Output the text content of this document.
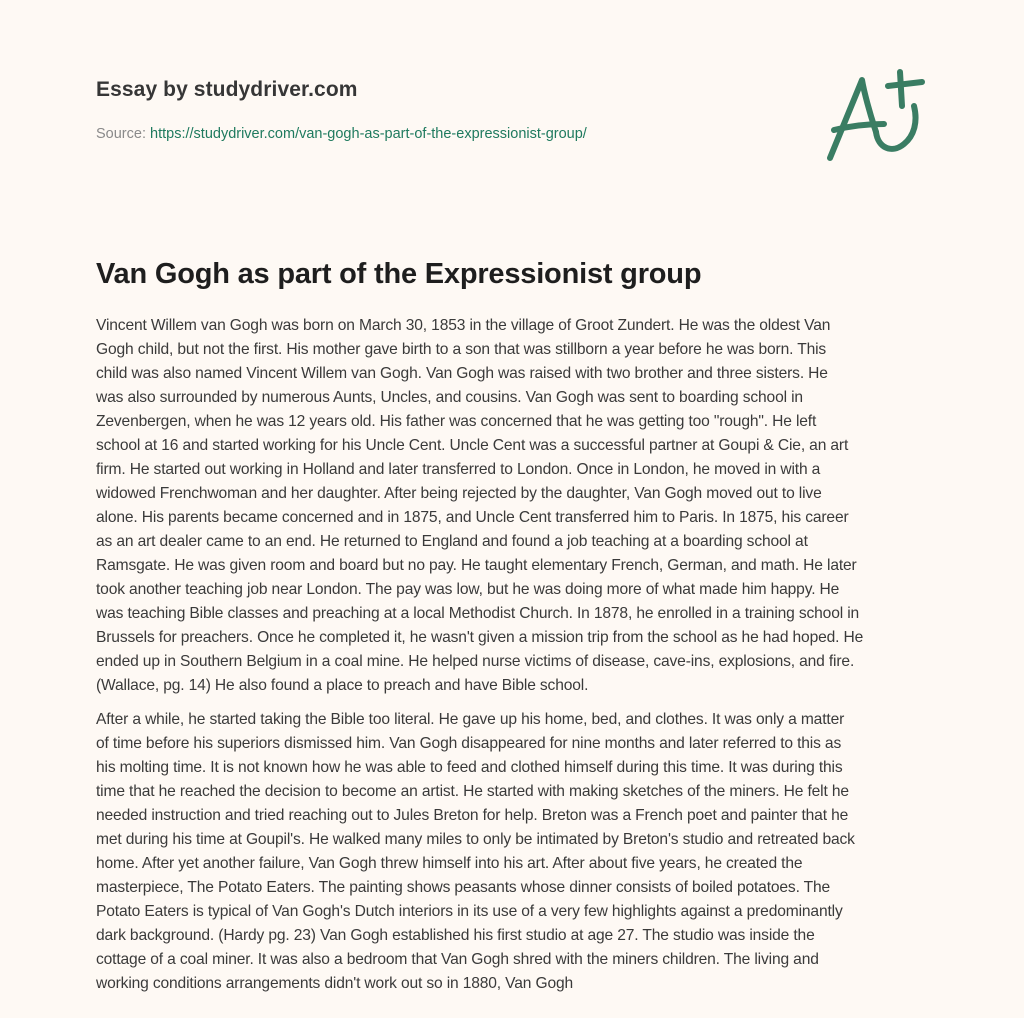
Essay by studydriver.com
Source: https://studydriver.com/van-gogh-as-part-of-the-expressionist-group/
Van Gogh as part of the Expressionist group

Vincent Willem van Gogh was born on March 30, 1853 in the village of Groot Zundert. He was the oldest Van
Gogh child, but not the first. His mother gave birth to a son that was stillborn a year before he was born. This
child was also named Vincent Willem van Gogh. Van Gogh was raised with two brother and three sisters. He
was also surrounded by numerous Aunts, Uncles, and cousins. Van Gogh was sent to boarding school in
Zevenbergen, when he was 12 years old. His father was concerned that he was getting too "rough". He left
school at 16 and started working for his Uncle Cent. Uncle Cent was a successful partner at Goupi & Cie, an art
firm. He started out working in Holland and later transferred to London. Once in London, he moved in with a
widowed Frenchwoman and her daughter. After being rejected by the daughter, Van Gogh moved out to live
alone. His parents became concerned and in 1875, and Uncle Cent transferred him to Paris. In 1875, his career
as an art dealer came to an end. He returned to England and found a job teaching at a boarding school at
Ramsgate. He was given room and board but no pay. He taught elementary French, German, and math. He later
took another teaching job near London. The pay was low, but he was doing more of what made him happy. He
was teaching Bible classes and preaching at a local Methodist Church. In 1878, he enrolled in a training school in
Brussels for preachers. Once he completed it, he wasn't given a mission trip from the school as he had hoped. He
ended up in Southern Belgium in a coal mine. He helped nurse victims of disease, cave-ins, explosions, and fire.
(Wallace, pg. 14) He also found a place to preach and have Bible school.

After a while, he started taking the Bible too literal. He gave up his home, bed, and clothes. It was only a matter
of time before his superiors dismissed him. Van Gogh disappeared for nine months and later referred to this as
his molting time. It is not known how he was able to feed and clothed himself during this time. It was during this
time that he reached the decision to become an artist. He started with making sketches of the miners. He felt he
needed instruction and tried reaching out to Jules Breton for help. Breton was a French poet and painter that he
met during his time at Goupil's. He walked many miles to only be intimated by Breton's studio and retreated back
home. After yet another failure, Van Gogh threw himself into his art. After about five years, he created the
masterpiece, The Potato Eaters. The painting shows peasants whose dinner consists of boiled potatoes. The
Potato Eaters is typical of Van Gogh's Dutch interiors in its use of a very few highlights against a predominantly
dark background. (Hardy pg. 23) Van Gogh established his first studio at age 27. The studio was inside the
cottage of a coal miner. It was also a bedroom that Van Gogh shred with the miners children. The living and
working conditions arrangements didn't work out so in 1880, Van Gogh
